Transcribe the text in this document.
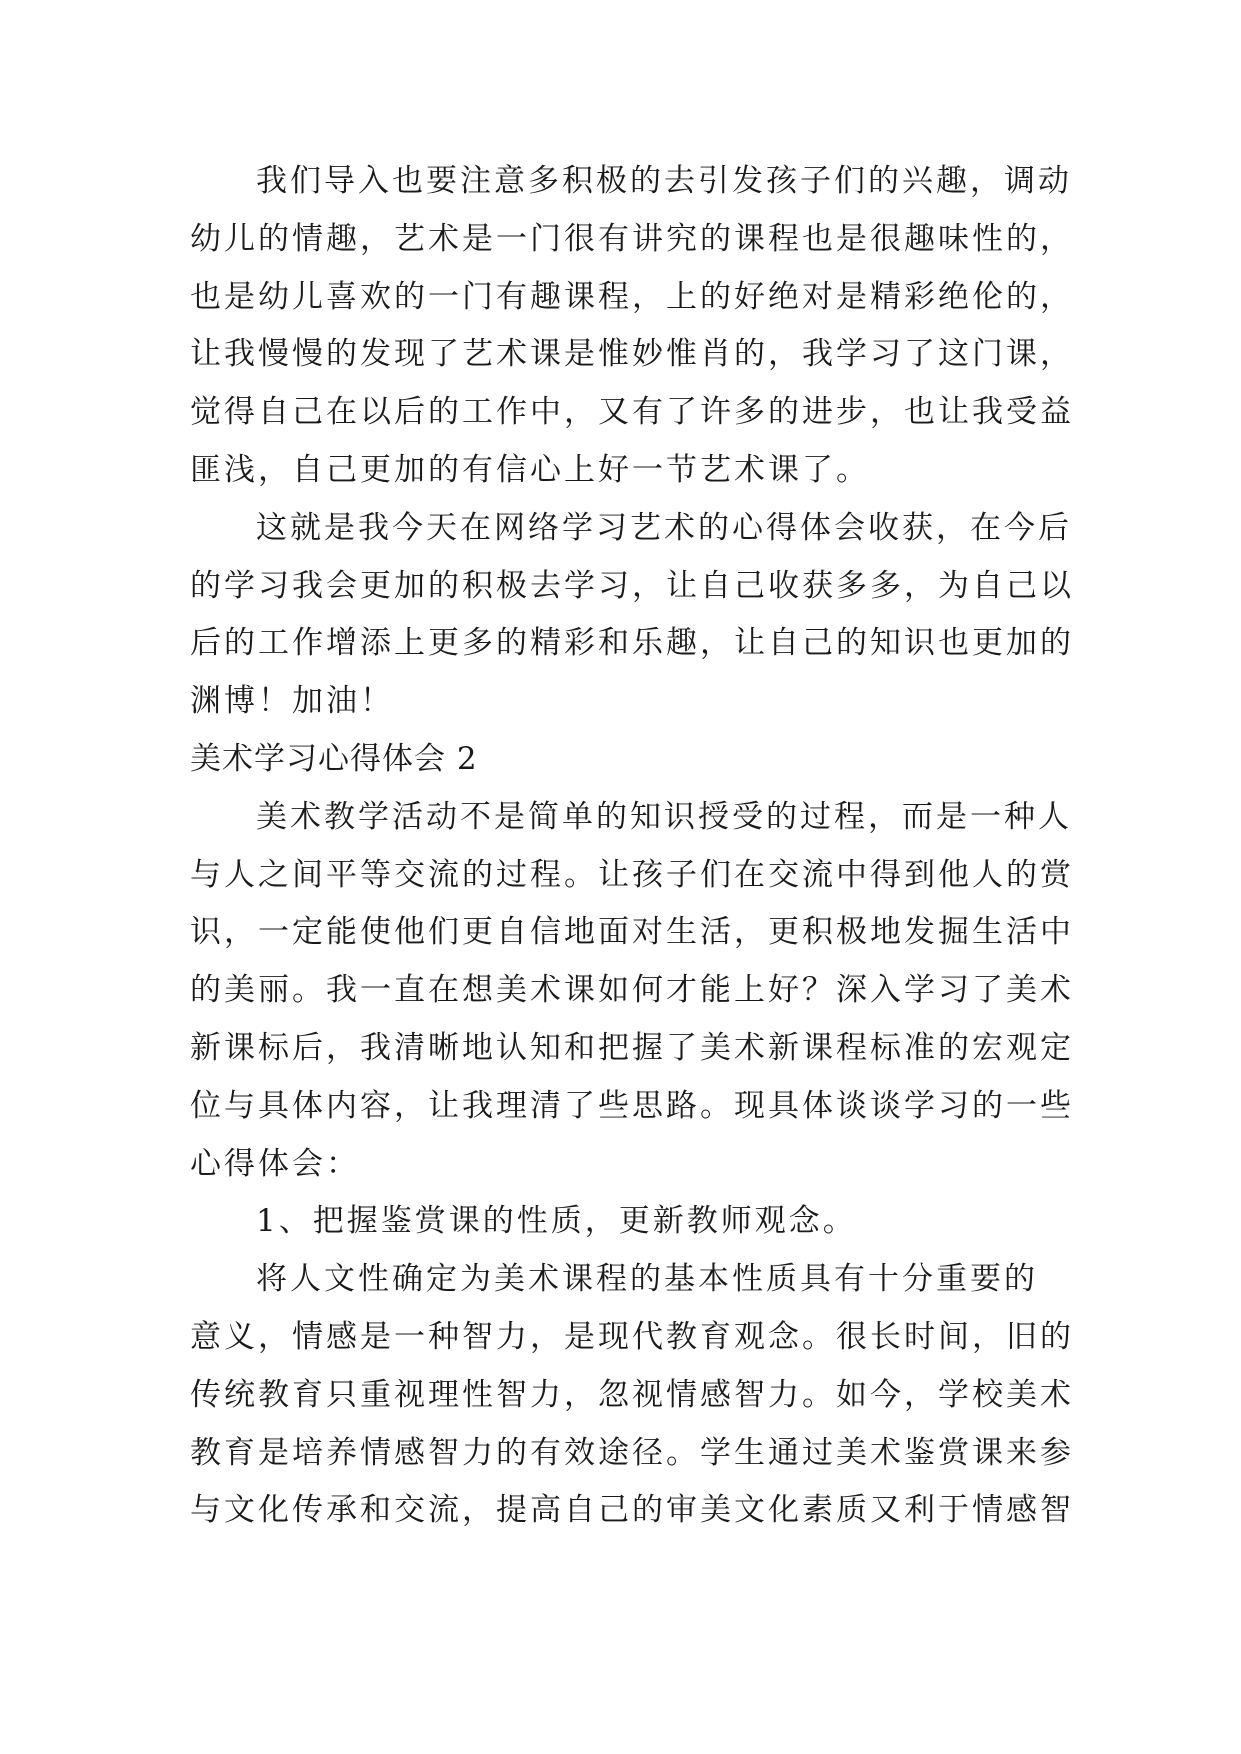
我们导入也要注意多积极的去引发孩子们的兴趣，调动
幼儿的情趣，艺术是一门很有讲究的课程也是很趣味性的，
也是幼儿喜欢的一门有趣课程，上的好绝对是精彩绝伦的，
让我慢慢的发现了艺术课是惟妙惟肖的，我学习了这门课，
觉得自己在以后的工作中，又有了许多的进步，也让我受益
匪浅，自己更加的有信心上好一节艺术课了。
这就是我今天在网络学习艺术的心得体会收获，在今后
的学习我会更加的积极去学习，让自己收获多多，为自己以
后的工作增添上更多的精彩和乐趣，让自己的知识也更加的
渊博！加油！
美术学习心得体会 2
美术教学活动不是简单的知识授受的过程，而是一种人
与人之间平等交流的过程。让孩子们在交流中得到他人的赏
识，一定能使他们更自信地面对生活，更积极地发掘生活中
的美丽。我一直在想美术课如何才能上好？深入学习了美术
新课标后，我清晰地认知和把握了美术新课程标准的宏观定
位与具体内容，让我理清了些思路。现具体谈谈学习的一些
心得体会：
1、把握鉴赏课的性质，更新教师观念。
将人文性确定为美术课程的基本性质具有十分重要的
意义，情感是一种智力，是现代教育观念。很长时间，旧的
传统教育只重视理性智力，忽视情感智力。如今，学校美术
教育是培养情感智力的有效途径。学生通过美术鉴赏课来参
与文化传承和交流，提高自己的审美文化素质又利于情感智
